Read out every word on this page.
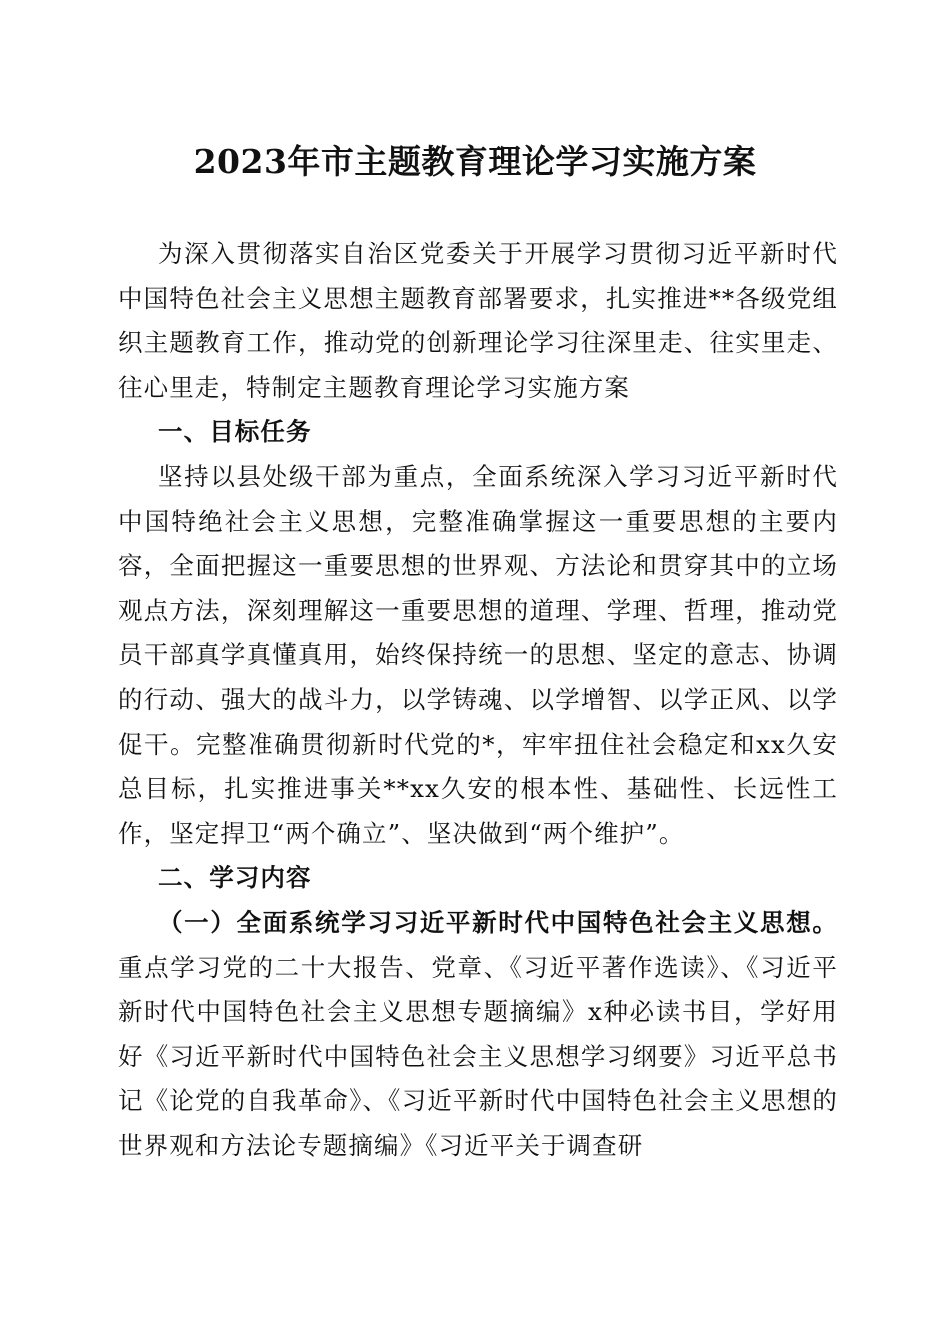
2023年市主题教育理论学习实施方案

为深入贯彻落实自治区党委关于开展学习贯彻习近平新时代中国特色社会主义思想主题教育部署要求，扎实推进**各级党组织主题教育工作，推动党的创新理论学习往深里走、往实里走、往心里走，特制定主题教育理论学习实施方案

一、目标任务

坚持以县处级干部为重点，全面系统深入学习习近平新时代中国特绝社会主义思想，完整准确掌握这一重要思想的主要内容，全面把握这一重要思想的世界观、方法论和贯穿其中的立场观点方法，深刻理解这一重要思想的道理、学理、哲理，推动党员干部真学真懂真用，始终保持统一的思想、坚定的意志、协调的行动、强大的战斗力，以学铸魂、以学增智、以学正风、以学促干。完整准确贯彻新时代党的*，牢牢扭住社会稳定和xx久安总目标，扎实推进事关**xx久安的根本性、基础性、长远性工作，坚定捍卫“两个确立”、坚决做到“两个维护”。

二、学习内容

（一）全面系统学习习近平新时代中国特色社会主义思想。重点学习党的二十大报告、党章、《习近平著作选读》、《习近平新时代中国特色社会主义思想专题摘编》x种必读书目，学好用好《习近平新时代中国特色社会主义思想学习纲要》习近平总书记《论党的自我革命》、《习近平新时代中国特色社会主义思想的世界观和方法论专题摘编》《习近平关于调查研
